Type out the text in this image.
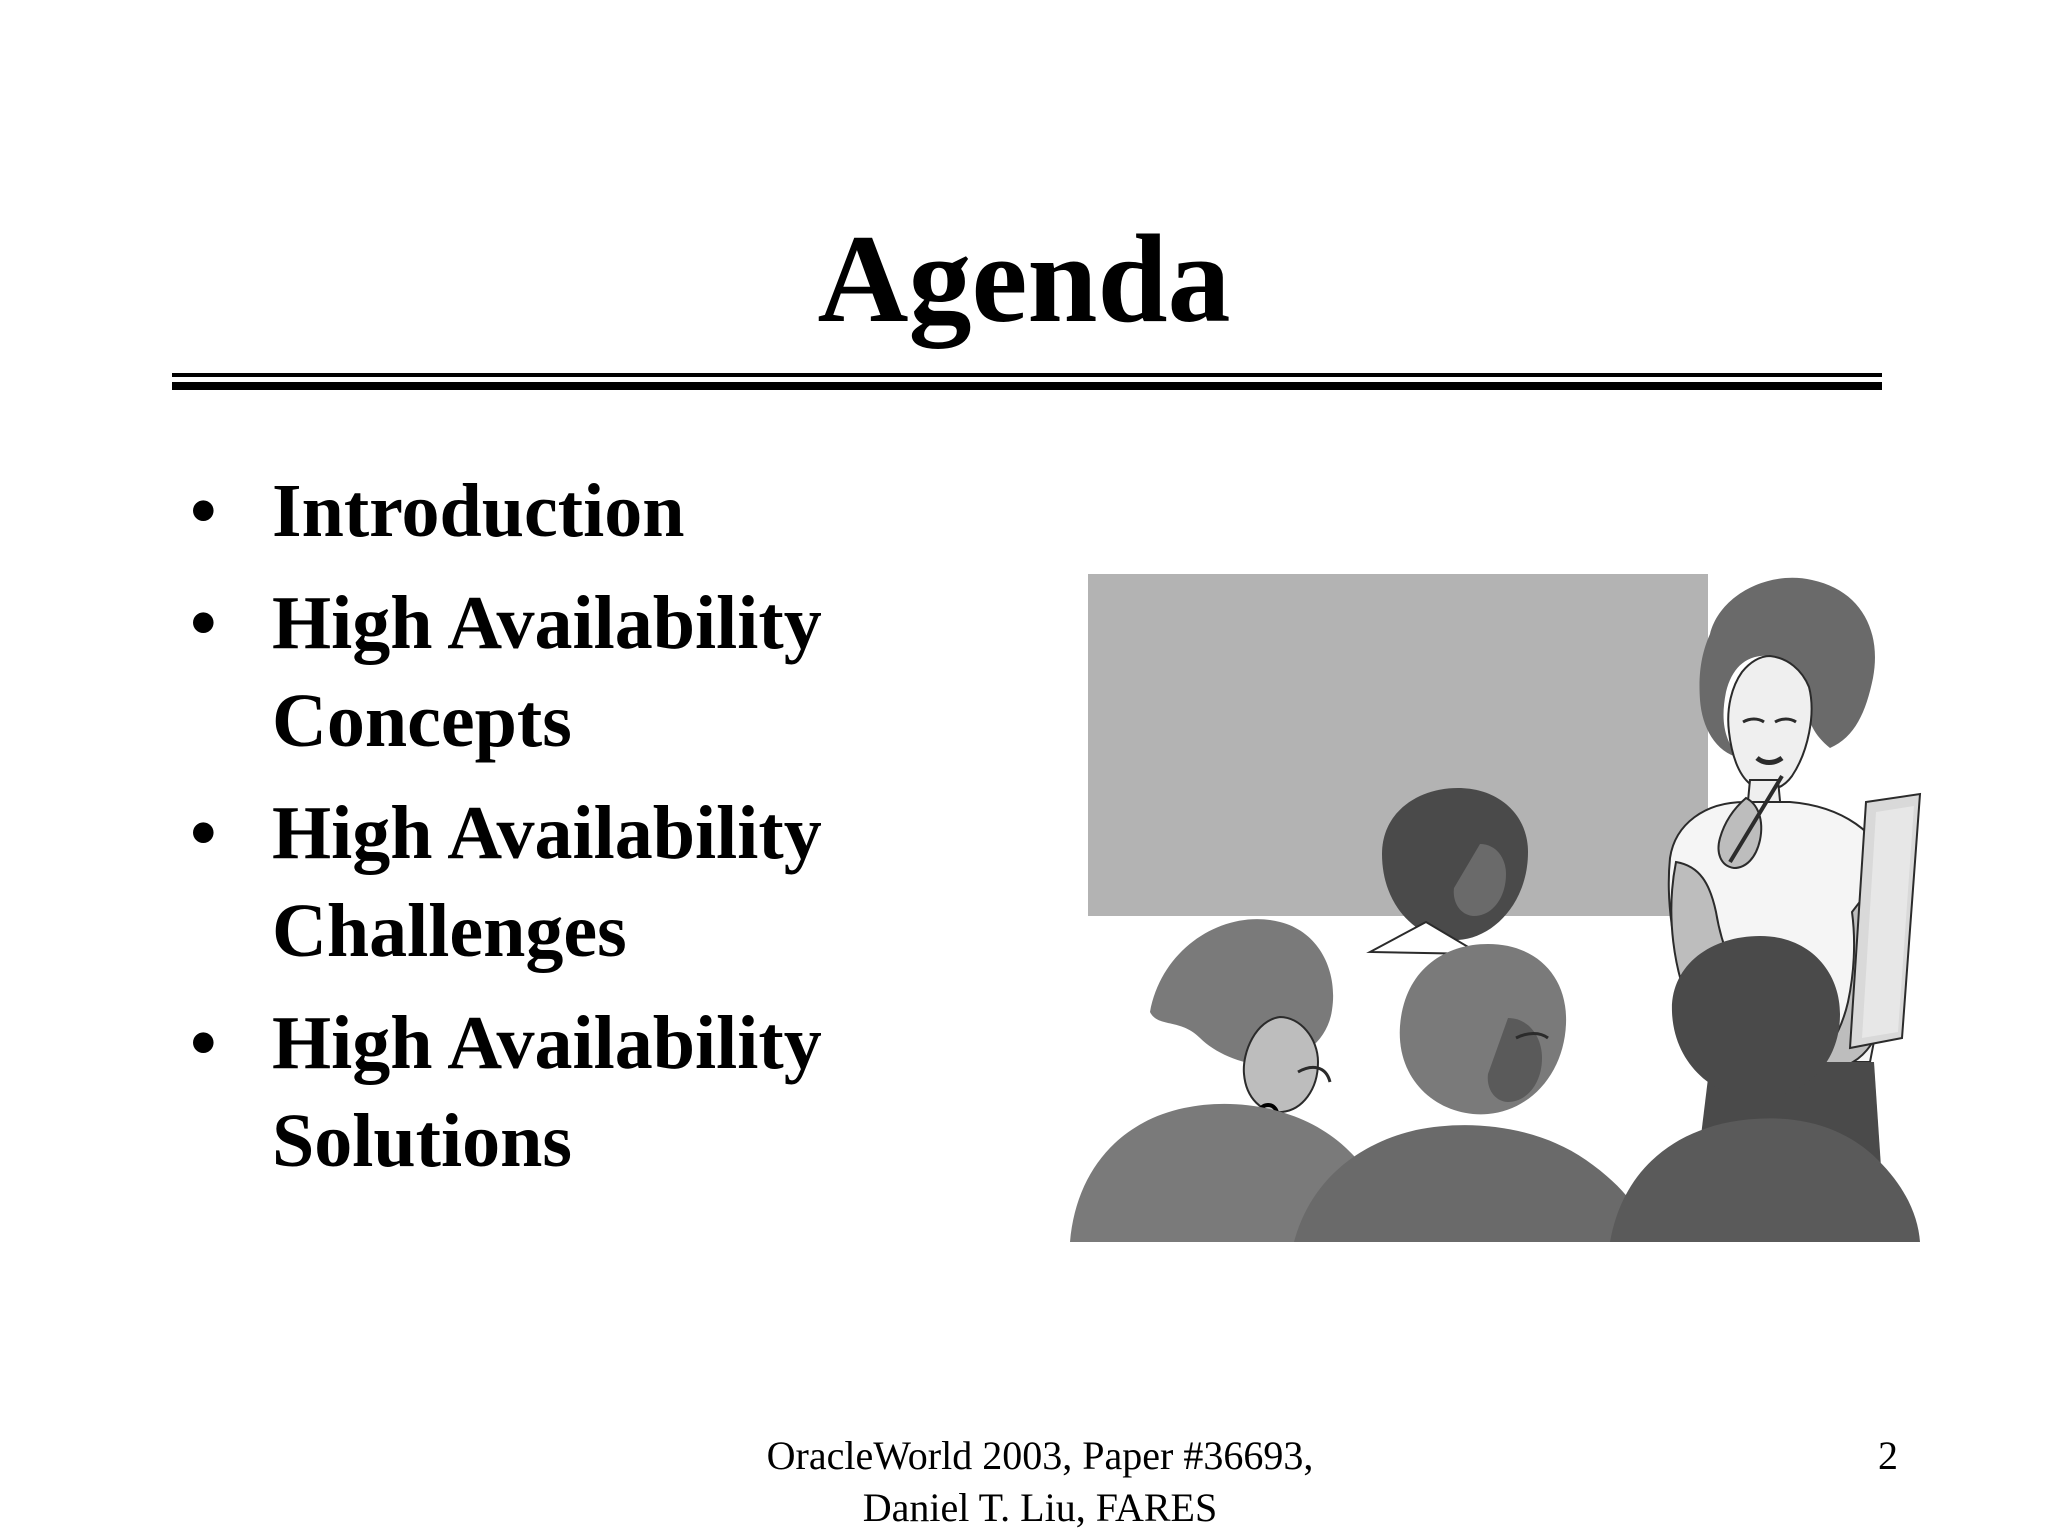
Agenda
• Introduction
• High Availability
Concepts
• High Availability
Challenges
• High Availability
Solutions
OracleWorld 2003, Paper #36693,
Daniel T. Liu, FARES
2
